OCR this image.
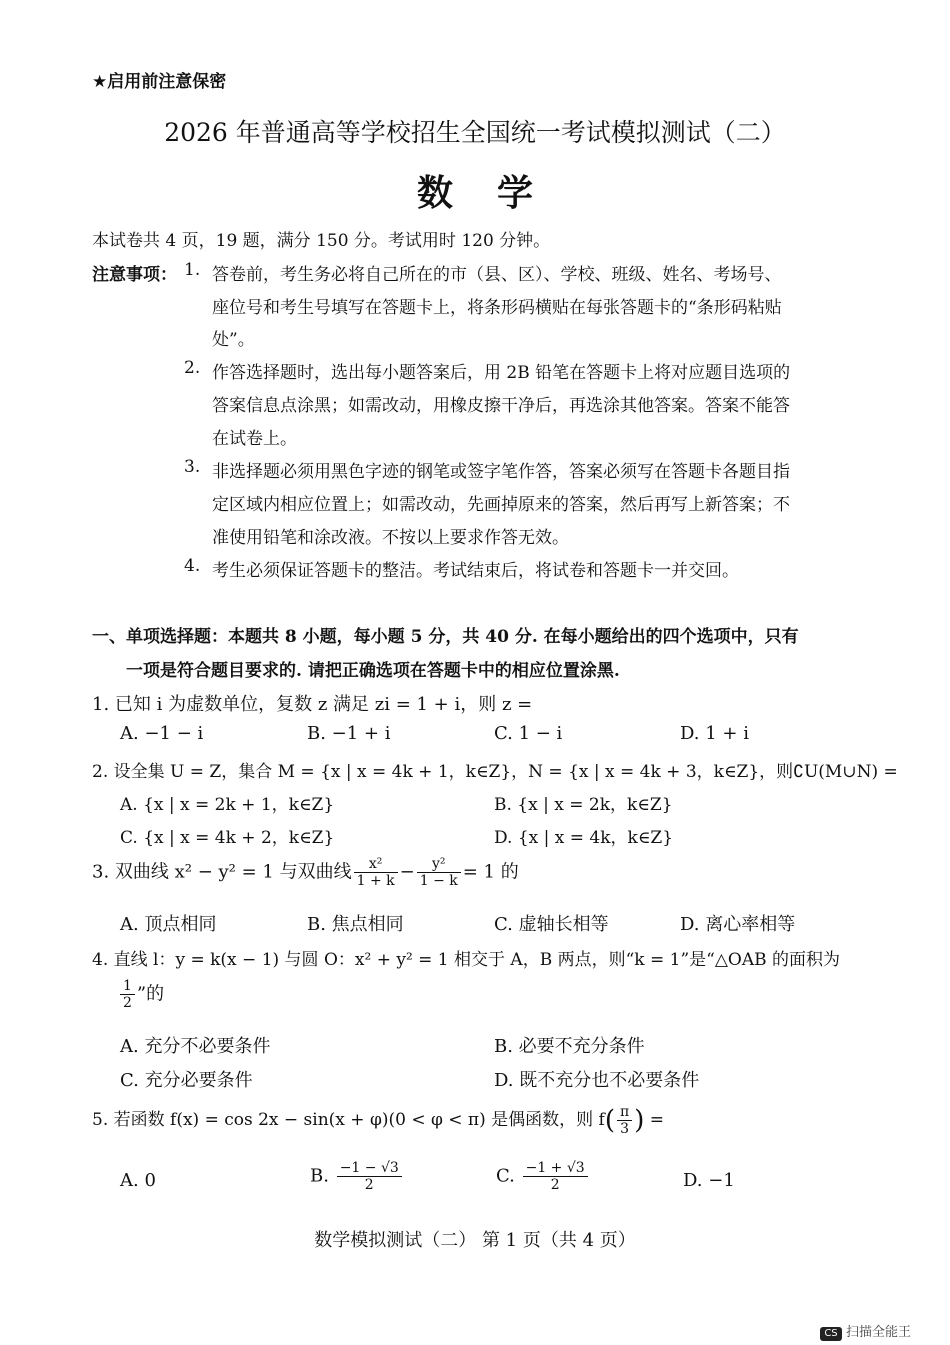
★启用前注意保密
2026 年普通高等学校招生全国统一考试模拟测试（二）
数学
本试卷共 4 页，19 题，满分 150 分。考试用时 120 分钟。
注意事项： 1. 答卷前，考生务必将自己所在的市（县、区）、学校、班级、姓名、考场号、
座位号和考生号填写在答题卡上，将条形码横贴在每张答题卡的“条形码粘贴
处”。
2. 作答选择题时，选出每小题答案后，用 2B 铅笔在答题卡上将对应题目选项的
答案信息点涂黑；如需改动，用橡皮擦干净后，再选涂其他答案。答案不能答
在试卷上。
3. 非选择题必须用黑色字迹的钢笔或签字笔作答，答案必须写在答题卡各题目指
定区域内相应位置上；如需改动，先画掉原来的答案，然后再写上新答案；不
准使用铅笔和涂改液。不按以上要求作答无效。
4. 考生必须保证答题卡的整洁。考试结束后，将试卷和答题卡一并交回。
一、单项选择题：本题共 8 小题，每小题 5 分，共 40 分. 在每小题给出的四个选项中，只有
一项是符合题目要求的. 请把正确选项在答题卡中的相应位置涂黑.
1. 已知 i 为虚数单位，复数 z 满足 zi = 1 + i，则 z =
A. −1 − i	B. −1 + i	C. 1 − i	D. 1 + i
2. 设全集 U = Z，集合 M = {x | x = 4k + 1，k∈Z}，N = {x | x = 4k + 3，k∈Z}，则∁U(M∪N) =
A. {x | x = 2k + 1，k∈Z}	B. {x | x = 2k，k∈Z}
C. {x | x = 4k + 2，k∈Z}	D. {x | x = 4k，k∈Z}
3. 双曲线 x² − y² = 1 与双曲线 $\frac{\text{x²}}{1 + k} - \frac{\text{y²}}{1 - k} = 1$ 的
A. 顶点相同	B. 焦点相同	C. 虚轴长相等	D. 离心率相等
4. 直线 l：y = k(x − 1) 与圆 O：x² + y² = 1 相交于 A，B 两点，则“k = 1”是“△OAB 的面积为
$\frac{1}{2}$ ”的
A. 充分不必要条件	B. 必要不充分条件
C. 充分必要条件	D. 既不充分也不必要条件
5. 若函数 f(x) = cos 2x − sin(x + φ)(0 < φ < π) 是偶函数，则 $f( \frac{\pi}{3}$ ) =
A. 0	B. $\frac{-1 - √3}{2}$	C. $\frac{-1 + √3}{2}$	D. −1
数学模拟测试（二） 第 1 页（共 4 页）
CS 扫描全能王
